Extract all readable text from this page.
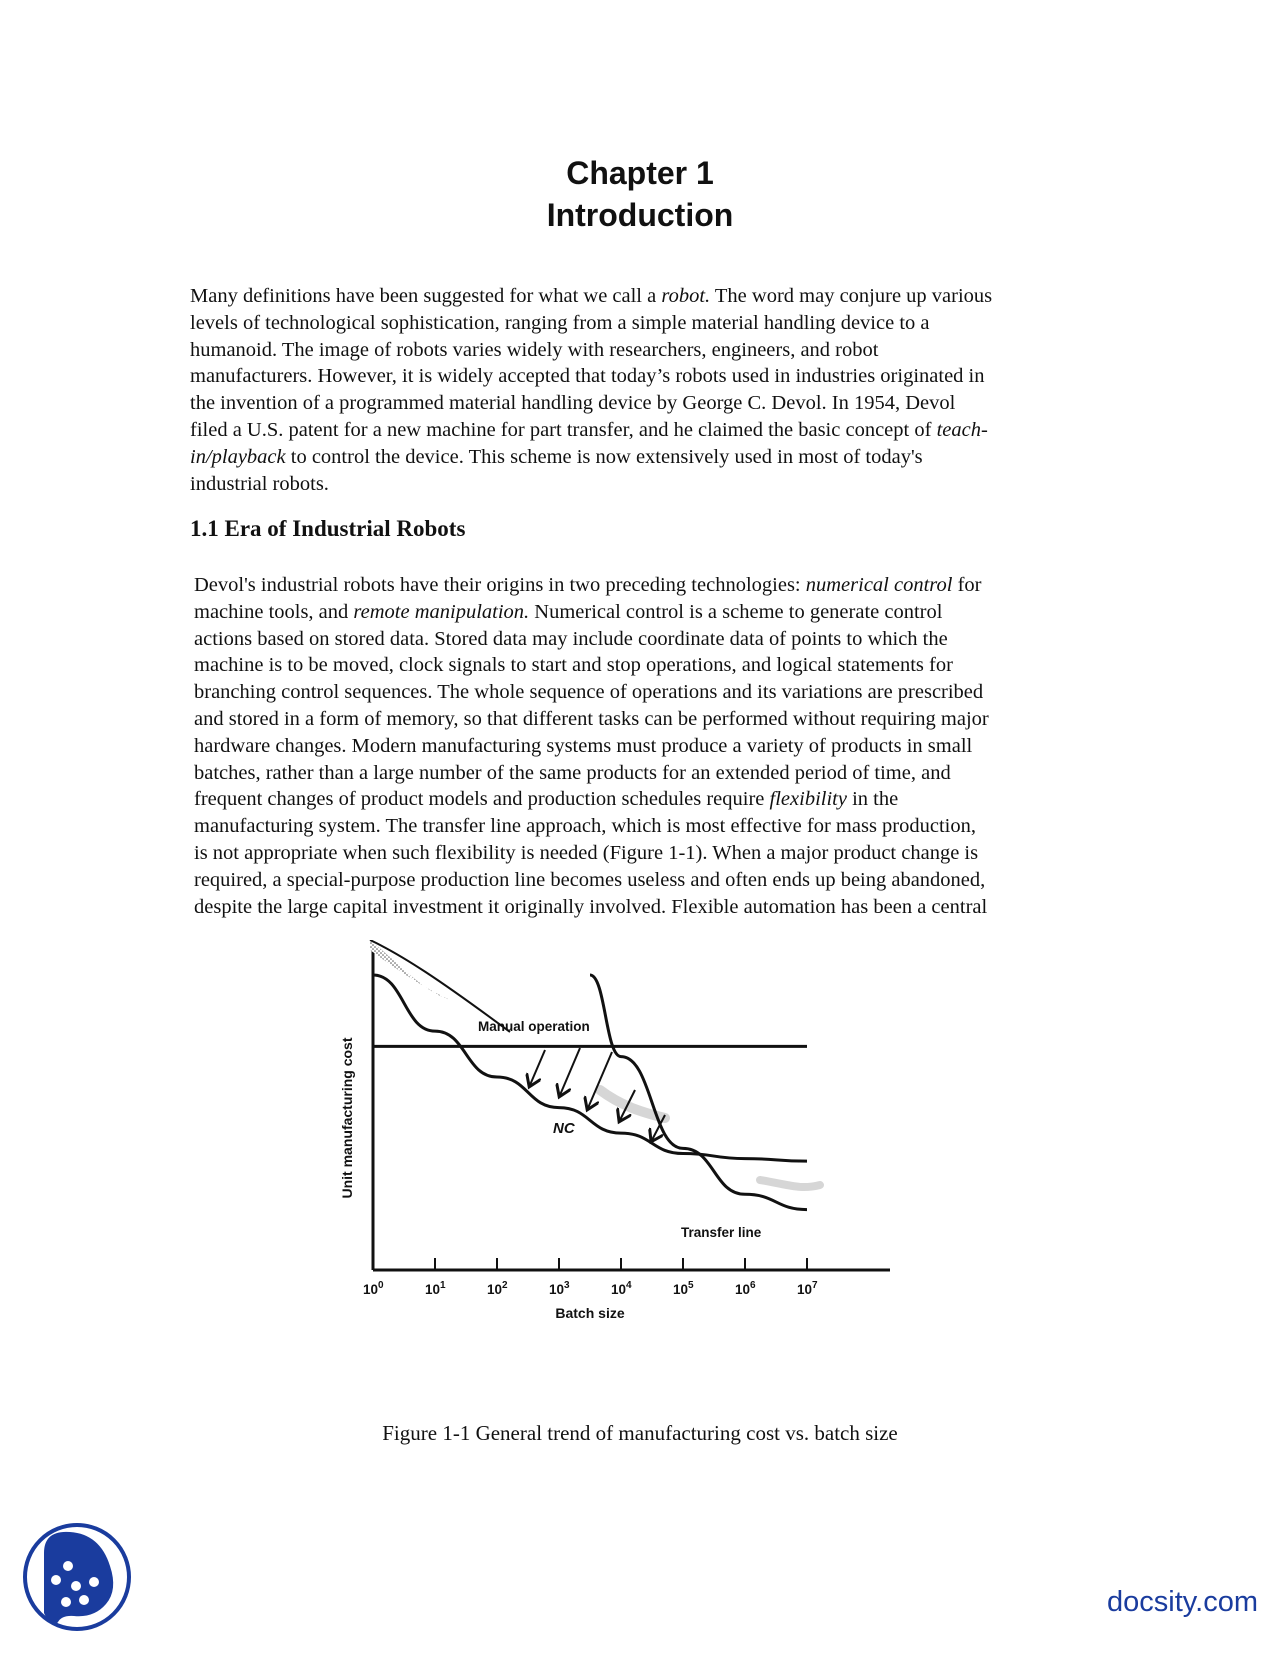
Chapter 1
Introduction
Many definitions have been suggested for what we call a robot. The word may conjure up various
levels of technological sophistication, ranging from a simple material handling device to a
humanoid. The image of robots varies widely with researchers, engineers, and robot
manufacturers. However, it is widely accepted that today’s robots used in industries originated in
the invention of a programmed material handling device by George C. Devol. In 1954, Devol
filed a U.S. patent for a new machine for part transfer, and he claimed the basic concept of teach-
in/playback to control the device. This scheme is now extensively used in most of today's
industrial robots.
1.1 Era of Industrial Robots
Devol's industrial robots have their origins in two preceding technologies: numerical control for
machine tools, and remote manipulation. Numerical control is a scheme to generate control
actions based on stored data. Stored data may include coordinate data of points to which the
machine is to be moved, clock signals to start and stop operations, and logical statements for
branching control sequences. The whole sequence of operations and its variations are prescribed
and stored in a form of memory, so that different tasks can be performed without requiring major
hardware changes. Modern manufacturing systems must produce a variety of products in small
batches, rather than a large number of the same products for an extended period of time, and
frequent changes of product models and production schedules require flexibility in the
manufacturing system. The transfer line approach, which is most effective for mass production,
is not appropriate when such flexibility is needed (Figure 1-1). When a major product change is
required, a special-purpose production line becomes useless and often ends up being abandoned,
despite the large capital investment it originally involved. Flexible automation has been a central
Manual operation
NC
Transfer line
$10^0$	$10^1$	$10^2$	$10^3$	$10^4$	$10^5$	$10^6$	$10^7$
Batch size
Unit manufacturing cost

Figure 1-1 General trend of manufacturing cost vs. batch size

docsity.com
